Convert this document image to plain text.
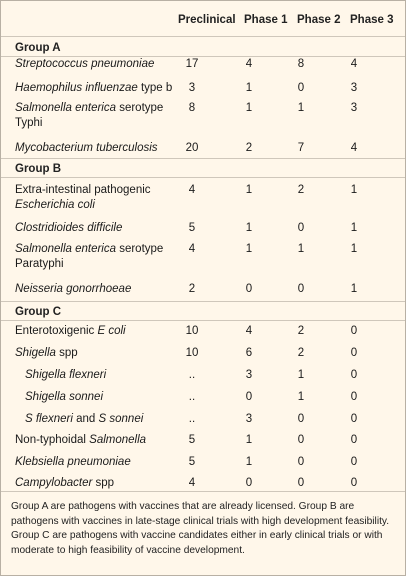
Preclinical Phase 1 Phase 2 Phase 3
Group A are pathogens with vaccines that are already licensed. Group B are pathogens with vaccines in late-stage clinical trials with high development feasibility. Group C are pathogens with vaccine candidates either in early clinical trials or with moderate to high feasibility of vaccine development.
Group A
Streptococcus pneumoniae	17	4	8	4
Haemophilus influenzae type b	3	1	0	3
Salmonella enterica serotype
Typhi
8	1	1	3
Mycobacterium tuberculosis 20	2	7	4
Group B
Extra-intestinal pathogenic
Escherichia coli
4	1	2	1
Clostridioides difficile	5	1	0	1
Salmonella enterica serotype
Paratyphi
4	1	1	1
Neisseria gonorrhoeae	2	0	0	1
Group C
Enterotoxigenic E coli	10	4	2	0
Shigella spp	10	6	2	0
Shigella flexneri	..	3	1	0
Shigella sonnei	..	0	1	0
S flexneri and S sonnei	..	3	0	0
Non-typhoidal Salmonella	5	1	0	0
Klebsiella pneumoniae	5	1	0	0
Campylobacter spp	4	0	0	0
